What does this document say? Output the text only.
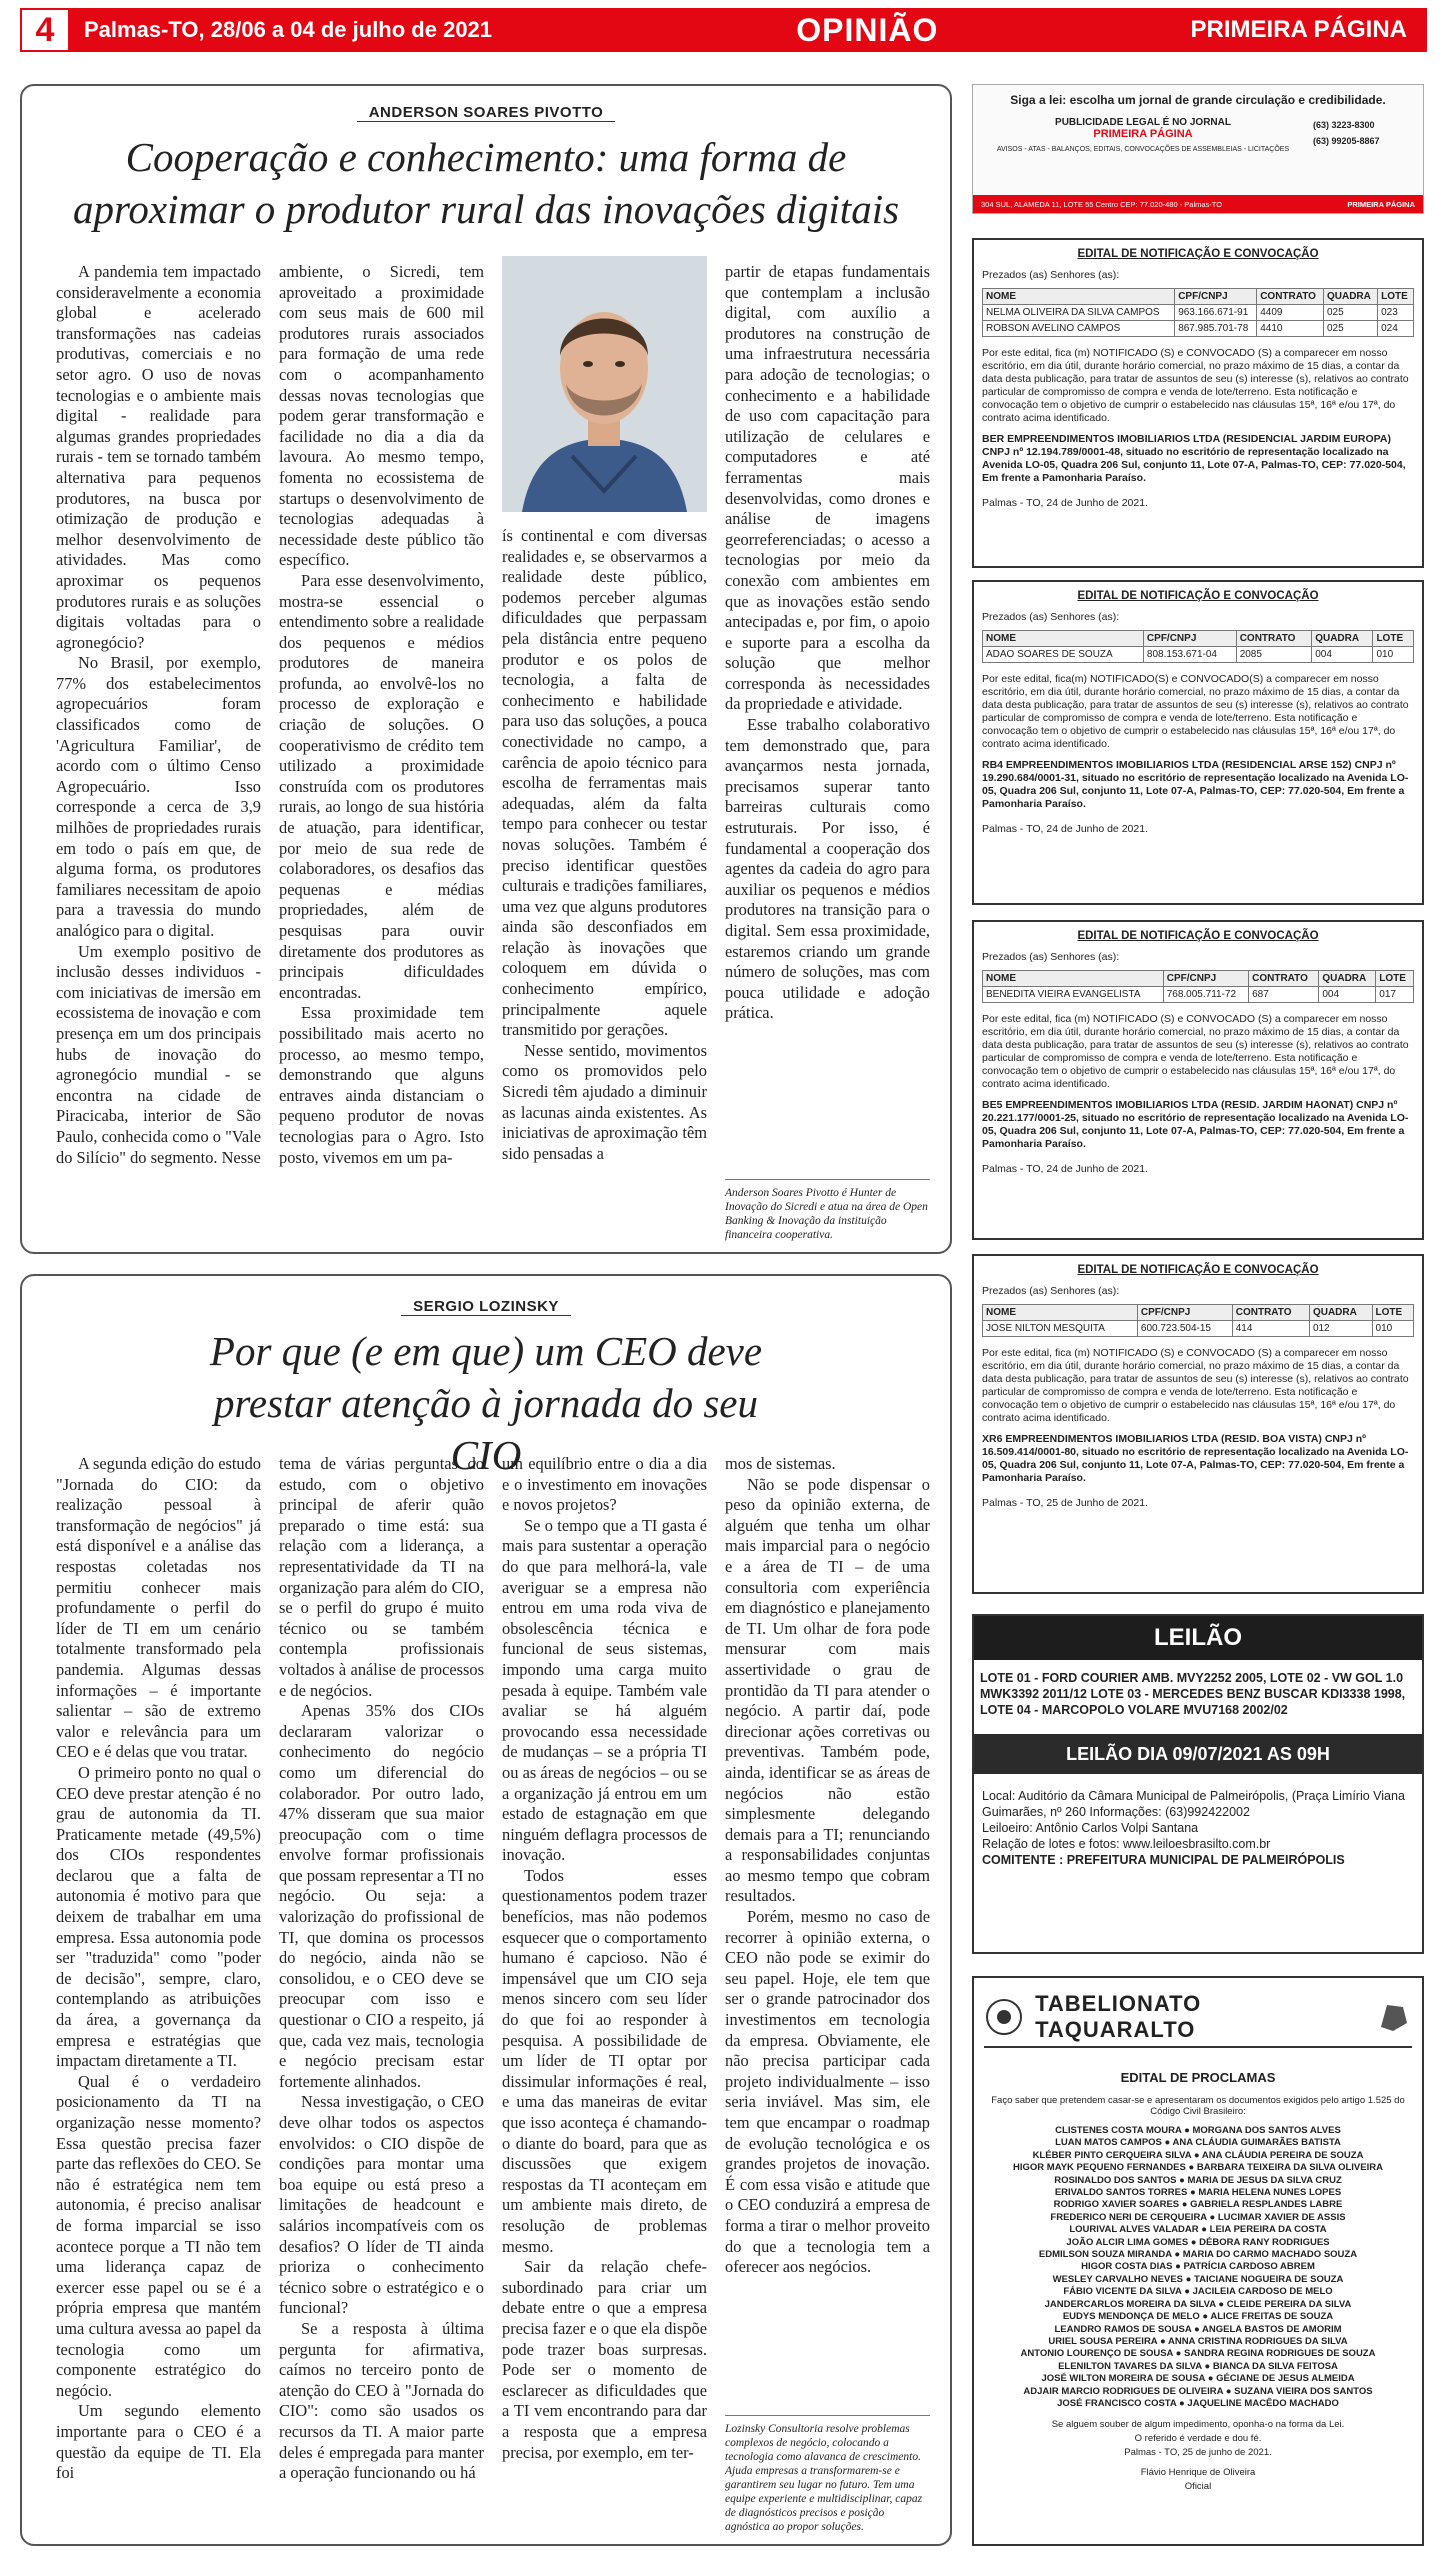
4	Palmas-TO, 28/06 a 04 de julho de 2021	OPINIÃO	PRIMEIRA PÁGINA
ANDERSON SOARES PIVOTTO
Cooperação e conhecimento: uma forma de aproximar o produtor rural das inovações digitais

A pandemia tem impactado consideravelmente a economia global e acelerado transformações nas cadeias produtivas, comerciais e no setor agro. O uso de novas tecnologias e o ambiente mais digital - realidade para algumas grandes propriedades rurais - tem se tornado também alternativa para pequenos produtores, na busca por otimização de produção e melhor desenvolvimento de atividades. Mas como aproximar os pequenos produtores rurais e as soluções digitais voltadas para o agronegócio?

No Brasil, por exemplo, 77% dos estabelecimentos agropecuários foram classificados como de 'Agricultura Familiar', de acordo com o último Censo Agropecuário. Isso corresponde a cerca de 3,9 milhões de propriedades rurais em todo o país em que, de alguma forma, os produtores familiares necessitam de apoio para a travessia do mundo analógico para o digital.

Um exemplo positivo de inclusão desses individuos - com iniciativas de imersão em ecossistema de inovação e com presença em um dos principais hubs de inovação do agronegócio mundial - se encontra na cidade de Piracicaba, interior de São Paulo, conhecida como o "Vale do Silício" do segmento. Nesse

ambiente, o Sicredi, tem aproveitado a proximidade com seus mais de 600 mil produtores rurais associados para formação de uma rede com o acompanhamento dessas novas tecnologias que podem gerar transformação e facilidade no dia a dia da lavoura. Ao mesmo tempo, fomenta no ecossistema de startups o desenvolvimento de tecnologias adequadas à necessidade deste público tão específico.

Para esse desenvolvimento, mostra-se essencial o entendimento sobre a realidade dos pequenos e médios produtores de maneira profunda, ao envolvê-los no processo de exploração e criação de soluções. O cooperativismo de crédito tem utilizado a proximidade construída com os produtores rurais, ao longo de sua história de atuação, para identificar, por meio de sua rede de colaboradores, os desafios das pequenas e médias propriedades, além de pesquisas para ouvir diretamente dos produtores as principais dificuldades encontradas.

Essa proximidade tem possibilitado mais acerto no processo, ao mesmo tempo, demonstrando que alguns entraves ainda distanciam o pequeno produtor de novas tecnologias para o Agro. Isto posto, vivemos em um pa-

ís continental e com diversas realidades e, se observarmos a realidade deste público, podemos perceber algumas dificuldades que perpassam pela distância entre pequeno produtor e os polos de tecnologia, a falta de conhecimento e habilidade para uso das soluções, a pouca conectividade no campo, a carência de apoio técnico para escolha de ferramentas mais adequadas, além da falta tempo para conhecer ou testar novas soluções. Também é preciso identificar questões culturais e tradições familiares, uma vez que alguns produtores ainda são desconfiados em relação às inovações que coloquem em dúvida o conhecimento empírico, principalmente aquele transmitido por gerações.

Nesse sentido, movimentos como os promovidos pelo Sicredi têm ajudado a diminuir as lacunas ainda existentes. As iniciativas de aproximação têm sido pensadas a

partir de etapas fundamentais que contemplam a inclusão digital, com auxílio a produtores na construção de uma infraestrutura necessária para adoção de tecnologias; o conhecimento e a habilidade de uso com capacitação para utilização de celulares e computadores e até ferramentas mais desenvolvidas, como drones e análise de imagens georreferenciadas; o acesso a tecnologias por meio da conexão com ambientes em que as inovações estão sendo antecipadas e, por fim, o apoio e suporte para a escolha da solução que melhor corresponda às necessidades da propriedade e atividade.

Esse trabalho colaborativo tem demonstrado que, para avançarmos nesta jornada, precisamos superar tanto barreiras culturais como estruturais. Por isso, é fundamental a cooperação dos agentes da cadeia do agro para auxiliar os pequenos e médios produtores na transição para o digital. Sem essa proximidade, estaremos criando um grande número de soluções, mas com pouca utilidade e adoção prática.

Anderson Soares Pivotto é Hunter de Inovação do Sicredi e atua na área de Open Banking & Inovação da instituição financeira cooperativa.
SERGIO LOZINSKY
Por que (e em que) um CEO deve prestar atenção à jornada do seu CIO

A segunda edição do estudo "Jornada do CIO: da realização pessoal à transformação de negócios" já está disponível e a análise das respostas coletadas nos permitiu conhecer mais profundamente o perfil do líder de TI em um cenário totalmente transformado pela pandemia. Algumas dessas informações – é importante salientar – são de extremo valor e relevância para um CEO e é delas que vou tratar.

O primeiro ponto no qual o CEO deve prestar atenção é no grau de autonomia da TI. Praticamente metade (49,5%) dos CIOs respondentes declarou que a falta de autonomia é motivo para que deixem de trabalhar em uma empresa. Essa autonomia pode ser "traduzida" como "poder de decisão", sempre, claro, contemplando as atribuições da área, a governança da empresa e estratégias que impactam diretamente a TI.

Qual é o verdadeiro posicionamento da TI na organização nesse momento? Essa questão precisa fazer parte das reflexões do CEO. Se não é estratégica nem tem autonomia, é preciso analisar de forma imparcial se isso acontece porque a TI não tem uma liderança capaz de exercer esse papel ou se é a própria empresa que mantém uma cultura avessa ao papel da tecnologia como um componente estratégico do negócio.

Um segundo elemento importante para o CEO é a questão da equipe de TI. Ela foi

tema de várias perguntas do estudo, com o objetivo principal de aferir quão preparado o time está: sua relação com a liderança, a representatividade da TI na organização para além do CIO, se o perfil do grupo é muito técnico ou se também contempla profissionais voltados à análise de processos e de negócios.

Apenas 35% dos CIOs declararam valorizar o conhecimento do negócio como um diferencial do colaborador. Por outro lado, 47% disseram que sua maior preocupação com o time envolve formar profissionais que possam representar a TI no negócio. Ou seja: a valorização do profissional de TI, que domina os processos do negócio, ainda não se consolidou, e o CEO deve se preocupar com isso e questionar o CIO a respeito, já que, cada vez mais, tecnologia e negócio precisam estar fortemente alinhados.

Nessa investigação, o CEO deve olhar todos os aspectos envolvidos: o CIO dispõe de condições para montar uma boa equipe ou está preso a limitações de headcount e salários incompatíveis com os desafios? O líder de TI ainda prioriza o conhecimento técnico sobre o estratégico e o funcional?

Se a resposta à última pergunta for afirmativa, caímos no terceiro ponto de atenção do CEO à "Jornada do CIO": como são usados os recursos da TI. A maior parte deles é empregada para manter a operação funcionando ou há

um equilíbrio entre o dia a dia e o investimento em inovações e novos projetos?

Se o tempo que a TI gasta é mais para sustentar a operação do que para melhorá-la, vale averiguar se a empresa não entrou em uma roda viva de obsolescência técnica e funcional de seus sistemas, impondo uma carga muito pesada à equipe. Também vale avaliar se há alguém provocando essa necessidade de mudanças – se a própria TI ou as áreas de negócios – ou se a organização já entrou em um estado de estagnação em que ninguém deflagra processos de inovação.

Todos esses questionamentos podem trazer benefícios, mas não podemos esquecer que o comportamento humano é capcioso. Não é impensável que um CIO seja menos sincero com seu líder do que foi ao responder à pesquisa. A possibilidade de um líder de TI optar por dissimular informações é real, e uma das maneiras de evitar que isso aconteça é chamando-o diante do board, para que as discussões que exigem respostas da TI aconteçam em um ambiente mais direto, de resolução de problemas mesmo.

Sair da relação chefe-subordinado para criar um debate entre o que a empresa precisa fazer e o que ela dispõe pode trazer boas surpresas. Pode ser o momento de esclarecer as dificuldades que a TI vem encontrando para dar a resposta que a empresa precisa, por exemplo, em ter-

mos de sistemas.

Não se pode dispensar o peso da opinião externa, de alguém que tenha um olhar mais imparcial para o negócio e a área de TI – de uma consultoria com experiência em diagnóstico e planejamento de TI. Um olhar de fora pode mensurar com mais assertividade o grau de prontidão da TI para atender o negócio. A partir daí, pode direcionar ações corretivas ou preventivas. Também pode, ainda, identificar se as áreas de negócios não estão simplesmente delegando demais para a TI; renunciando a responsabilidades conjuntas ao mesmo tempo que cobram resultados.

Porém, mesmo no caso de recorrer à opinião externa, o CEO não pode se eximir do seu papel. Hoje, ele tem que ser o grande patrocinador dos investimentos em tecnologia da empresa. Obviamente, ele não precisa participar cada projeto individualmente – isso seria inviável. Mas sim, ele tem que encampar o roadmap de evolução tecnológica e os grandes projetos de inovação. É com essa visão e atitude que o CEO conduzirá a empresa de forma a tirar o melhor proveito do que a tecnologia tem a oferecer aos negócios.

Lozinsky Consultoria resolve problemas complexos de negócio, colocando a tecnologia como alavanca de crescimento. Ajuda empresas a transformarem-se e garantirem seu lugar no futuro. Tem uma equipe experiente e multidisciplinar, capaz de diagnósticos precisos e posição agnóstica ao propor soluções.
Siga a lei: escolha um jornal de grande circulação e credibilidade.
PUBLICIDADE LEGAL É NO JORNAL
PRIMEIRA PÁGINA
AVISOS - ATAS - BALANÇOS, EDITAIS, CONVOCAÇÕES DE ASSEMBLEIAS - LICITAÇÕES
(63) 3223-8300
(63) 99205-8867
304 SUL, ALAMEDA 11, LOTE 55 Centro CEP: 77.020-480 - Palmas-TO	PRIMEIRA PÁGINA
EDITAL DE NOTIFICAÇÃO E CONVOCAÇÃO
Prezados (as) Senhores (as):
NOME	CPF/CNPJ	CONTRATO	QUADRA	LOTE
NELMA OLIVEIRA DA SILVA CAMPOS	963.166.671-91	4409	025	023
ROBSON AVELINO CAMPOS	867.985.701-78	4410	025	024
Por este edital, fica (m) NOTIFICADO (S) e CONVOCADO (S) a comparecer em nosso escritório, em dia útil, durante horário comercial, no prazo máximo de 15 dias, a contar da data desta publicação, para tratar de assuntos de seu (s) interesse (s), relativos ao contrato particular de compromisso de compra e venda de lote/terreno. Esta notificação e convocação tem o objetivo de cumprir o estabelecido nas cláusulas 15ª, 16ª e/ou 17ª, do contrato acima identificado.
BER EMPREENDIMENTOS IMOBILIARIOS LTDA (RESIDENCIAL JARDIM EUROPA) CNPJ nº 12.194.789/0001-48, situado no escritório de representação localizado na Avenida LO-05, Quadra 206 Sul, conjunto 11, Lote 07-A, Palmas-TO, CEP: 77.020-504, Em frente a Pamonharia Paraíso.
Palmas - TO, 24 de Junho de 2021.
EDITAL DE NOTIFICAÇÃO E CONVOCAÇÃO
Prezados (as) Senhores (as):
NOME	CPF/CNPJ	CONTRATO	QUADRA	LOTE
ADAO SOARES DE SOUZA	808.153.671-04	2085	004	010
Por este edital, fica(m) NOTIFICADO(S) e CONVOCADO(S) a comparecer em nosso escritório, em dia útil, durante horário comercial, no prazo máximo de 15 dias, a contar da data desta publicação, para tratar de assuntos de seu (s) interesse (s), relativos ao contrato particular de compromisso de compra e venda de lote/terreno. Esta notificação e convocação tem o objetivo de cumprir o estabelecido nas cláusulas 15ª, 16ª e/ou 17ª, do contrato acima identificado.
RB4 EMPREENDIMENTOS IMOBILIARIOS LTDA (RESIDENCIAL ARSE 152) CNPJ nº 19.290.684/0001-31, situado no escritório de representação localizado na Avenida LO-05, Quadra 206 Sul, conjunto 11, Lote 07-A, Palmas-TO, CEP: 77.020-504, Em frente a Pamonharia Paraíso.
Palmas - TO, 24 de Junho de 2021.
EDITAL DE NOTIFICAÇÃO E CONVOCAÇÃO
Prezados (as) Senhores (as):
NOME	CPF/CNPJ	CONTRATO	QUADRA	LOTE
BENEDITA VIEIRA EVANGELISTA	768.005.711-72	687	004	017
Por este edital, fica (m) NOTIFICADO (S) e CONVOCADO (S) a comparecer em nosso escritório, em dia útil, durante horário comercial, no prazo máximo de 15 dias, a contar da data desta publicação, para tratar de assuntos de seu (s) interesse (s), relativos ao contrato particular de compromisso de compra e venda de lote/terreno. Esta notificação e convocação tem o objetivo de cumprir o estabelecido nas cláusulas 15ª, 16ª e/ou 17ª, do contrato acima identificado.
BE5 EMPREENDIMENTOS IMOBILIARIOS LTDA (RESID. JARDIM HAONAT) CNPJ nº 20.221.177/0001-25, situado no escritório de representação localizado na Avenida LO-05, Quadra 206 Sul, conjunto 11, Lote 07-A, Palmas-TO, CEP: 77.020-504, Em frente a Pamonharia Paraíso.
Palmas - TO, 24 de Junho de 2021.
EDITAL DE NOTIFICAÇÃO E CONVOCAÇÃO
Prezados (as) Senhores (as):
NOME	CPF/CNPJ	CONTRATO	QUADRA	LOTE
JOSE NILTON MESQUITA	600.723.504-15	414	012	010
Por este edital, fica (m) NOTIFICADO (S) e CONVOCADO (S) a comparecer em nosso escritório, em dia útil, durante horário comercial, no prazo máximo de 15 dias, a contar da data desta publicação, para tratar de assuntos de seu (s) interesse (s), relativos ao contrato particular de compromisso de compra e venda de lote/terreno. Esta notificação e convocação tem o objetivo de cumprir o estabelecido nas cláusulas 15ª, 16ª e/ou 17ª, do contrato acima identificado.
XR6 EMPREENDIMENTOS IMOBILIARIOS LTDA (RESID. BOA VISTA) CNPJ nº 16.509.414/0001-80, situado no escritório de representação localizado na Avenida LO-05, Quadra 206 Sul, conjunto 11, Lote 07-A, Palmas-TO, CEP: 77.020-504, Em frente a Pamonharia Paraíso.
Palmas - TO, 25 de Junho de 2021.
LEILÃO
LOTE 01 - FORD COURIER AMB. MVY2252 2005, LOTE 02 - VW GOL 1.0 MWK3392 2011/12 LOTE 03 - MERCEDES BENZ BUSCAR KDI3338 1998, LOTE 04 - MARCOPOLO VOLARE MVU7168 2002/02
LEILÃO DIA 09/07/2021 AS 09H
Local: Auditório da Câmara Municipal de Palmeirópolis, (Praça Limírio Viana Guimarães, nº 260 Informações: (63)992422002
Leiloeiro: Antônio Carlos Volpi Santana
Relação de lotes e fotos: www.leiloesbrasilto.com.br
COMITENTE : PREFEITURA MUNICIPAL DE PALMEIRÓPOLIS
TABELIONATO TAQUARALTO
EDITAL DE PROCLAMAS
Faço saber que pretendem casar-se e apresentaram os documentos exigidos pelo artigo 1.525 do Código Civil Brasileiro:
CLISTENES COSTA MOURA ● MORGANA DOS SANTOS ALVES
LUAN MATOS CAMPOS ● ANA CLÁUDIA GUIMARÃES BATISTA
KLÉBER PINTO CERQUEIRA SILVA ● ANA CLÁUDIA PEREIRA DE SOUZA
HIGOR MAYK PEQUENO FERNANDES ● BARBARA TEIXEIRA DA SILVA OLIVEIRA
ROSINALDO DOS SANTOS ● MARIA DE JESUS DA SILVA CRUZ
ERIVALDO SANTOS TORRES ● MARIA HELENA NUNES LOPES
RODRIGO XAVIER SOARES ● GABRIELA RESPLANDES LABRE
FREDERICO NERI DE CERQUEIRA ● LUCIMAR XAVIER DE ASSIS
LOURIVAL ALVES VALADAR ● LEIA PEREIRA DA COSTA
JOÃO ALCIR LIMA GOMES ● DÉBORA RANY RODRIGUES
EDMILSON SOUZA MIRANDA ● MARIA DO CARMO MACHADO SOUZA
HIGOR COSTA DIAS ● PATRÍCIA CARDOSO ABREM
WESLEY CARVALHO NEVES ● TAICIANE NOGUEIRA DE SOUZA
FÁBIO VICENTE DA SILVA ● JACILEIA CARDOSO DE MELO
JANDERCARLOS MOREIRA DA SILVA ● CLEIDE PEREIRA DA SILVA
EUDYS MENDONÇA DE MELO ● ALICE FREITAS DE SOUZA
LEANDRO RAMOS DE SOUSA ● ANGELA BASTOS DE AMORIM
URIEL SOUSA PEREIRA ● ANNA CRISTINA RODRIGUES DA SILVA
ANTONIO LOURENÇO DE SOUSA ● SANDRA REGINA RODRIGUES DE SOUZA
ELENILTON TAVARES DA SILVA ● BIANCA DA SILVA FEITOSA
JOSÉ WILTON MOREIRA DE SOUSA ● GÉCIANE DE JESUS ALMEIDA
ADJAIR MARCIO RODRIGUES DE OLIVEIRA ● SUZANA VIEIRA DOS SANTOS
JOSÉ FRANCISCO COSTA ● JAQUELINE MACÊDO MACHADO
Se alguem souber de algum impedimento, oponha-o na forma da Lei.
O referido é verdade e dou fé.
Palmas - TO, 25 de junho de 2021.
Flávio Henrique de Oliveira
Oficial
